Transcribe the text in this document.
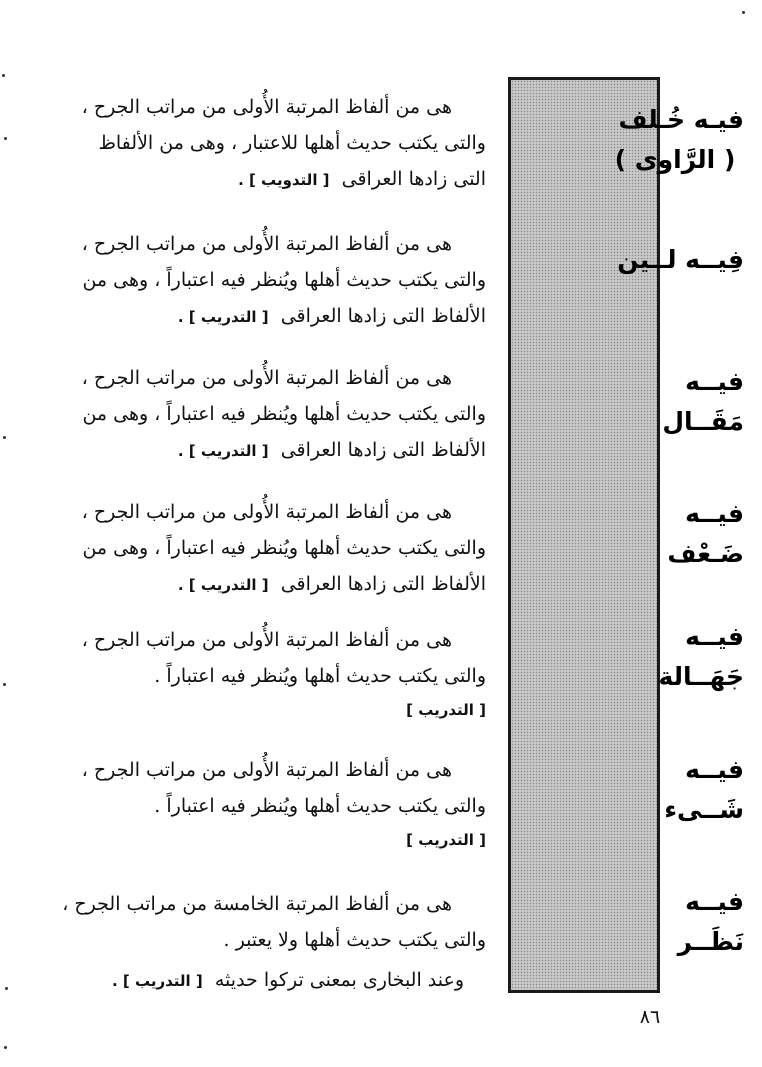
فيـه خُـلف
( الرَّاوى )
فِيــه لــين
فيــه مَقَــال
فيــه ضَـعْف
فيــه جَهَــالة
فيــه شَــىء
فيــه نَظَــر
هى من ألفاظ المرتبة الأُولى من مراتب الجرح ،
والتى يكتب حديث أهلها للاعتبار ، وهى من الألفاظ
التى زادها العراقى  [ التدويب ] .
هى من ألفاظ المرتبة الأُولى من مراتب الجرح ،
والتى يكتب حديث أهلها ويُنظر فيه اعتباراً ، وهى من
الألفاظ التى زادها العراقى  [ التدريب ] .
هى من ألفاظ المرتبة الأُولى من مراتب الجرح ،
والتى يكتب حديث أهلها ويُنظر فيه اعتباراً ، وهى من
الألفاظ التى زادها العراقى  [ التدريب ] .
هى من ألفاظ المرتبة الأُولى من مراتب الجرح ،
والتى يكتب حديث أهلها ويُنظر فيه اعتباراً ، وهى من
الألفاظ التى زادها العراقى  [ التدريب ] .
هى من ألفاظ المرتبة الأُولى من مراتب الجرح ،
والتى يكتب حديث أهلها ويُنظر فيه اعتباراً .
[ التدريب ]
هى من ألفاظ المرتبة الأُولى من مراتب الجرح ،
والتى يكتب حديث أهلها ويُنظر فيه اعتباراً .
[ التدريب ]
هى من ألفاظ المرتبة الخامسة من مراتب الجرح ،
والتى يكتب حديث أهلها ولا يعتبر .
وعند البخارى بمعنى تركوا حديثه  [ التدريب ] .
٨٦
